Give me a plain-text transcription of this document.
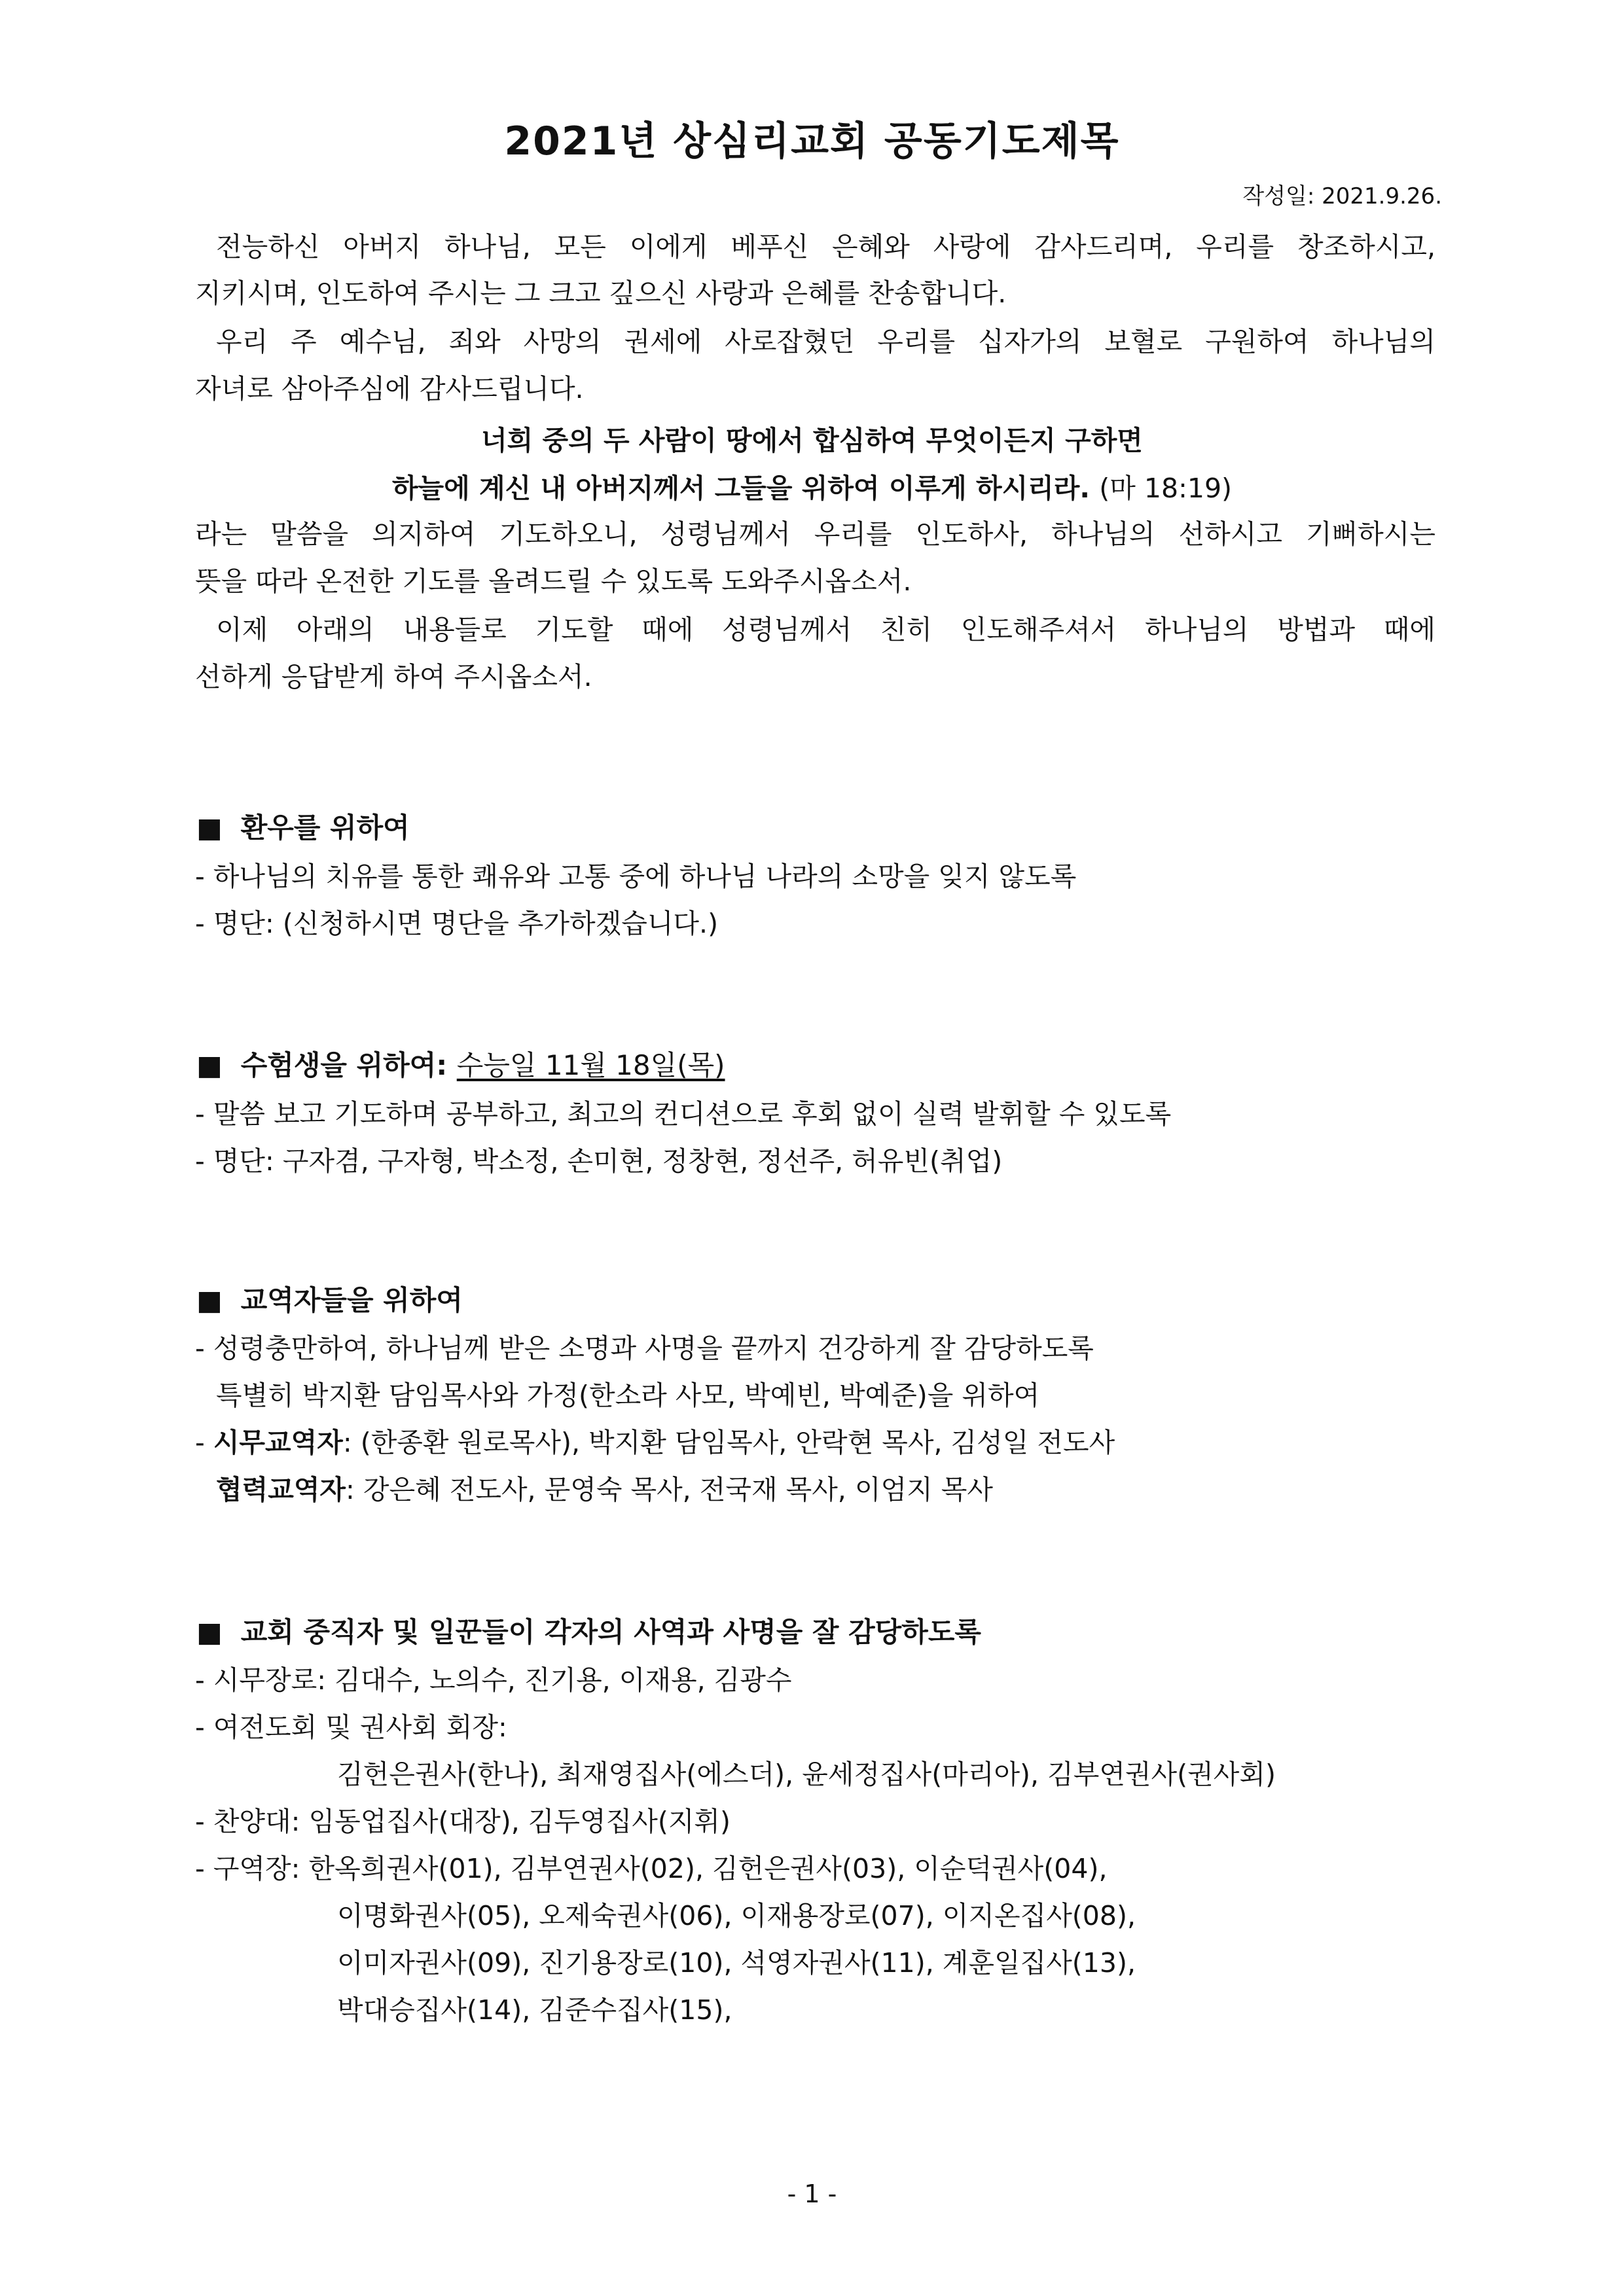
2021년 상심리교회 공동기도제목
작성일: 2021.9.26.
전능하신 아버지 하나님, 모든 이에게 베푸신 은혜와 사랑에 감사드리며, 우리를 창조하시고,
지키시며, 인도하여 주시는 그 크고 깊으신 사랑과 은혜를 찬송합니다.
우리 주 예수님, 죄와 사망의 권세에 사로잡혔던 우리를 십자가의 보혈로 구원하여 하나님의
자녀로 삼아주심에 감사드립니다.
너희 중의 두 사람이 땅에서 합심하여 무엇이든지 구하면
하늘에 계신 내 아버지께서 그들을 위하여 이루게 하시리라. (마 18:19)
라는 말씀을 의지하여 기도하오니, 성령님께서 우리를 인도하사, 하나님의 선하시고 기뻐하시는
뜻을 따라 온전한 기도를 올려드릴 수 있도록 도와주시옵소서.
이제 아래의 내용들로 기도할 때에 성령님께서 친히 인도해주셔서 하나님의 방법과 때에
선하게 응답받게 하여 주시옵소서.
■ 환우를 위하여
- 하나님의 치유를 통한 쾌유와 고통 중에 하나님 나라의 소망을 잊지 않도록
- 명단: (신청하시면 명단을 추가하겠습니다.)
■ 수험생을 위하여: 수능일 11월 18일(목)
- 말씀 보고 기도하며 공부하고, 최고의 컨디션으로 후회 없이 실력 발휘할 수 있도록
- 명단: 구자겸, 구자형, 박소정, 손미현, 정창현, 정선주, 허유빈(취업)
■ 교역자들을 위하여
- 성령충만하여, 하나님께 받은 소명과 사명을 끝까지 건강하게 잘 감당하도록
특별히 박지환 담임목사와 가정(한소라 사모, 박예빈, 박예준)을 위하여
- 시무교역자: (한종환 원로목사), 박지환 담임목사, 안락현 목사, 김성일 전도사
협력교역자: 강은혜 전도사, 문영숙 목사, 전국재 목사, 이엄지 목사
■ 교회 중직자 및 일꾼들이 각자의 사역과 사명을 잘 감당하도록
- 시무장로: 김대수, 노의수, 진기용, 이재용, 김광수
- 여전도회 및 권사회 회장:
김헌은권사(한나), 최재영집사(에스더), 윤세정집사(마리아), 김부연권사(권사회)
- 찬양대: 임동업집사(대장), 김두영집사(지휘)
- 구역장: 한옥희권사(01), 김부연권사(02), 김헌은권사(03), 이순덕권사(04),
이명화권사(05), 오제숙권사(06), 이재용장로(07), 이지온집사(08),
이미자권사(09), 진기용장로(10), 석영자권사(11), 계훈일집사(13),
박대승집사(14), 김준수집사(15),
- 1 -
